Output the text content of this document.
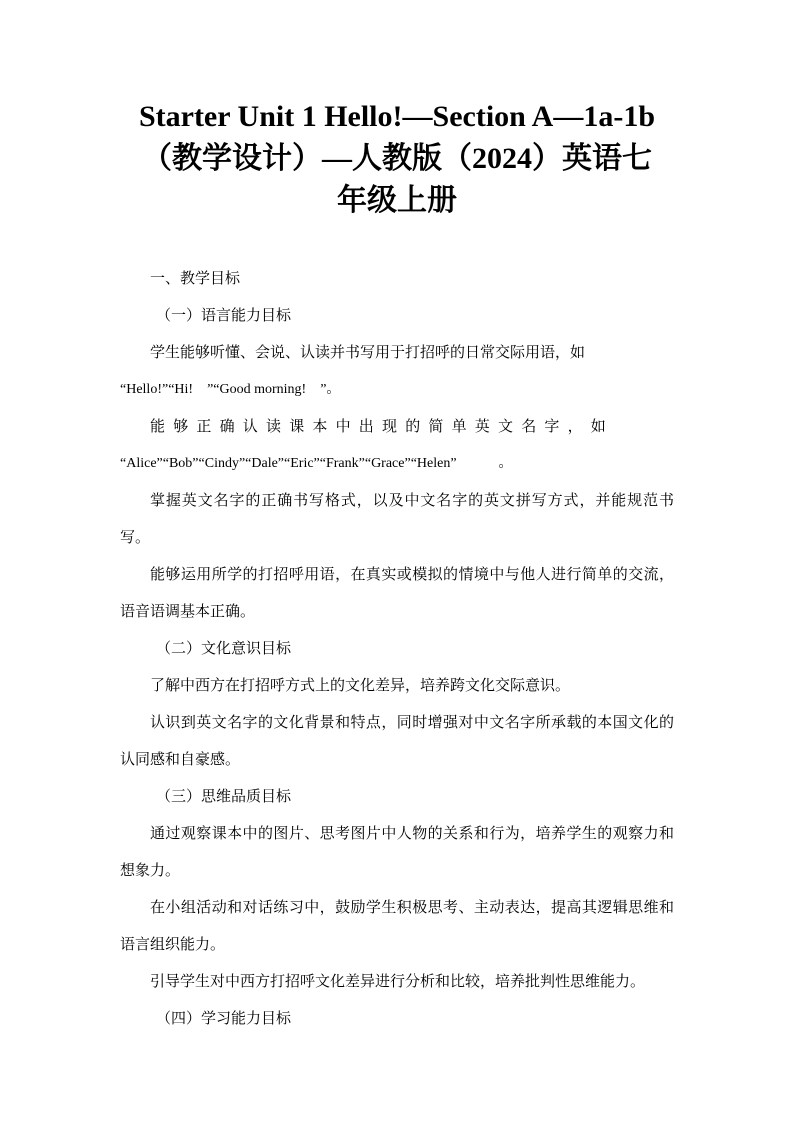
Starter Unit 1 Hello!—Section A—1a-1b
（教学设计）—人教版（2024）英语七
年级上册

一、教学目标

（一）语言能力目标

学生能够听懂、会说、认读并书写用于打招呼的日常交际用语，如

“Hello!”“Hi!　”“Good morning!　”。

能够正确认读课本中出现的简单英文名字，如

“Alice”“Bob”“Cindy”“Dale”“Eric”“Frank”“Grace”“Helen”　　　。

掌握英文名字的正确书写格式，以及中文名字的英文拼写方式，并能规范书写。

能够运用所学的打招呼用语，在真实或模拟的情境中与他人进行简单的交流，语音语调基本正确。

（二）文化意识目标

了解中西方在打招呼方式上的文化差异，培养跨文化交际意识。

认识到英文名字的文化背景和特点，同时增强对中文名字所承载的本国文化的认同感和自豪感。

（三）思维品质目标

通过观察课本中的图片、思考图片中人物的关系和行为，培养学生的观察力和想象力。

在小组活动和对话练习中，鼓励学生积极思考、主动表达，提高其逻辑思维和语言组织能力。

引导学生对中西方打招呼文化差异进行分析和比较，培养批判性思维能力。

（四）学习能力目标
